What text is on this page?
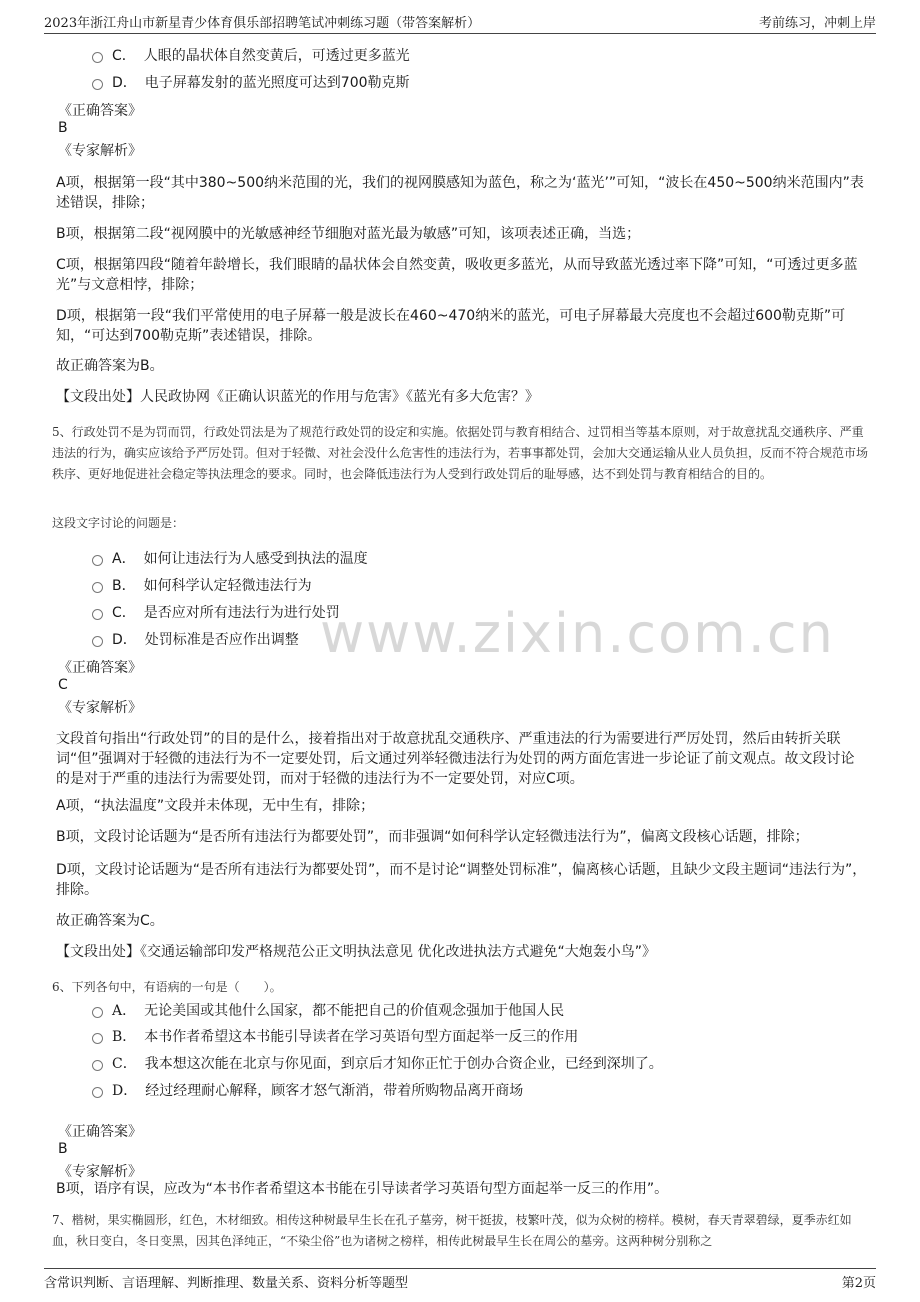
2023年浙江舟山市新星青少体育俱乐部招聘笔试冲刺练习题（带答案解析）	考前练习，冲刺上岸
www.zixin.com.cn
C． 人眼的晶状体自然变黄后，可透过更多蓝光
D． 电子屏幕发射的蓝光照度可达到700勒克斯
《正确答案》
B
《专家解析》
A项，根据第一段“其中380~500纳米范围的光，我们的视网膜感知为蓝色，称之为‘蓝光’”可知，“波长在450~500纳米范围内”表述错误，排除；
B项，根据第二段“视网膜中的光敏感神经节细胞对蓝光最为敏感”可知，该项表述正确，当选；
C项，根据第四段“随着年龄增长，我们眼睛的晶状体会自然变黄，吸收更多蓝光，从而导致蓝光透过率下降”可知，“可透过更多蓝光”与文意相悖，排除；
D项，根据第一段“我们平常使用的电子屏幕一般是波长在460~470纳米的蓝光，可电子屏幕最大亮度也不会超过600勒克斯”可知，“可达到700勒克斯”表述错误，排除。
故正确答案为B。
【文段出处】人民政协网《正确认识蓝光的作用与危害》《蓝光有多大危害？》
5、行政处罚不是为罚而罚，行政处罚法是为了规范行政处罚的设定和实施。依据处罚与教育相结合、过罚相当等基本原则，对于故意扰乱交通秩序、严重违法的行为，确实应该给予严厉处罚。但对于轻微、对社会没什么危害性的违法行为，若事事都处罚，会加大交通运输从业人员负担，反而不符合规范市场秩序、更好地促进社会稳定等执法理念的要求。同时，也会降低违法行为人受到行政处罚后的耻辱感，达不到处罚与教育相结合的目的。
这段文字讨论的问题是：
A． 如何让违法行为人感受到执法的温度
B． 如何科学认定轻微违法行为
C． 是否应对所有违法行为进行处罚
D． 处罚标准是否应作出调整
《正确答案》
C
《专家解析》
文段首句指出“行政处罚”的目的是什么，接着指出对于故意扰乱交通秩序、严重违法的行为需要进行严厉处罚，然后由转折关联词“但”强调对于轻微的违法行为不一定要处罚，后文通过列举轻微违法行为处罚的两方面危害进一步论证了前文观点。故文段讨论的是对于严重的违法行为需要处罚，而对于轻微的违法行为不一定要处罚，对应C项。
A项，“执法温度”文段并未体现，无中生有，排除；
B项，文段讨论话题为“是否所有违法行为都要处罚”，而非强调“如何科学认定轻微违法行为”，偏离文段核心话题，排除；
D项，文段讨论话题为“是否所有违法行为都要处罚”，而不是讨论“调整处罚标准”，偏离核心话题，且缺少文段主题词“违法行为”，排除。
故正确答案为C。
【文段出处】《交通运输部印发严格规范公正文明执法意见 优化改进执法方式避免“大炮轰小鸟”》
6、下列各句中，有语病的一句是（　　）。
A． 无论美国或其他什么国家，都不能把自己的价值观念强加于他国人民
B． 本书作者希望这本书能引导读者在学习英语句型方面起举一反三的作用
C． 我本想这次能在北京与你见面，到京后才知你正忙于创办合资企业，已经到深圳了。
D． 经过经理耐心解释，顾客才怒气渐消，带着所购物品离开商场
《正确答案》
B
《专家解析》
B项，语序有误，应改为“本书作者希望这本书能在引导读者学习英语句型方面起举一反三的作用”。
7、楷树，果实椭圆形，红色，木材细致。相传这种树最早生长在孔子墓旁，树干挺拔，枝繁叶茂，似为众树的榜样。模树，春天青翠碧绿，夏季赤红如血，秋日变白，冬日变黑，因其色泽纯正，“不染尘俗”也为诸树之榜样，相传此树最早生长在周公的墓旁。这两种树分别称之
含常识判断、言语理解、判断推理、数量关系、资料分析等题型	第2页
